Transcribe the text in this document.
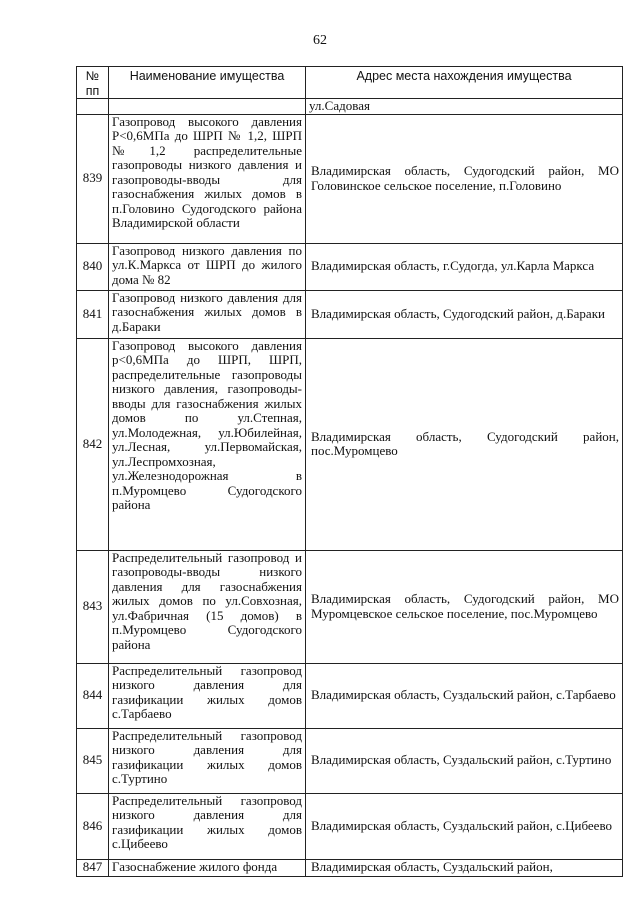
62
№ пп	Наименование имущества	Адрес места нахождения имущества
		ул.Садовая
839	Газопровод высокого давления Р<0,6МПа до ШРП № 1,2, ШРП №1,2 распределительные газопроводы низкого давления и газопроводы-вводы для газоснабжения жилых домов в п.Головино Судогодского района Владимирской области	Владимирская область, Судогодский район, МО Головинское сельское поселение, п.Головино
840	Газопровод низкого давления по ул.К.Маркса от ШРП до жилого дома № 82	Владимирская область, г.Судогда, ул.Карла Маркса
841	Газопровод низкого давления для газоснабжения жилых домов в д.Бараки	Владимирская область, Судогодский район, д.Бараки
842	Газопровод высокого давления р<0,6МПа до ШРП, ШРП, распределительные газопроводы низкого давления, газопроводы-вводы для газоснабжения жилых домов по ул.Степная, ул.Молодежная, ул.Юбилейная, ул.Лесная, ул.Первомайская, ул.Леспромхозная, ул.Железнодорожная в п.Муромцево Судогодского района	Владимирская область, Судогодский район, пос.Муромцево
843	Распределительный газопровод и газопроводы-вводы низкого давления для газоснабжения жилых домов по ул.Совхозная, ул.Фабричная (15 домов) в п.Муромцево Судогодского района	Владимирская область, Судогодский район, МО Муромцевское сельское поселение, пос.Муромцево
844	Распределительный газопровод низкого давления для газификации жилых домов с.Тарбаево	Владимирская область, Суздальский район, с.Тарбаево
845	Распределительный газопровод низкого давления для газификации жилых домов с.Туртино	Владимирская область, Суздальский район, с.Туртино
846	Распределительный газопровод низкого давления для газификации жилых домов с.Цибеево	Владимирская область, Суздальский район, с.Цибеево
847	Газоснабжение жилого фонда	Владимирская область, Суздальский район,
